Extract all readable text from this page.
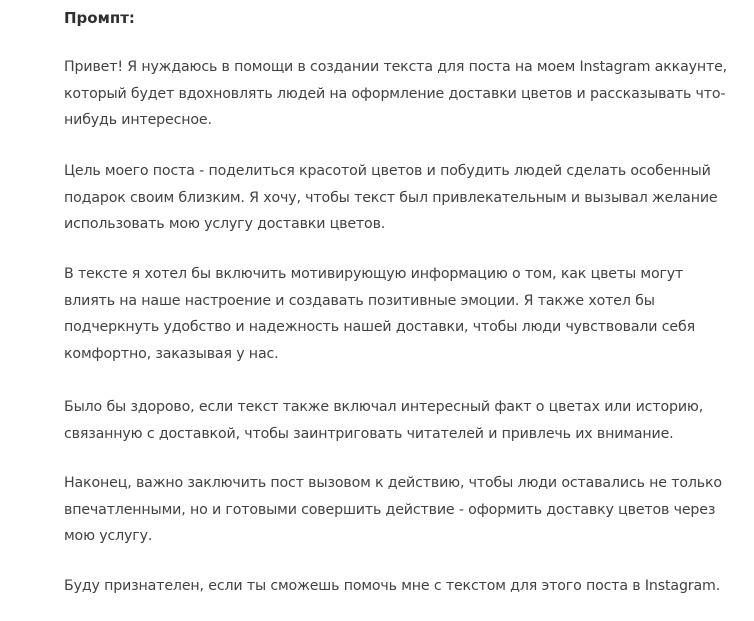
Промпт:

Привет! Я нуждаюсь в помощи в создании текста для поста на моем Instagram аккаунте,
который будет вдохновлять людей на оформление доставки цветов и рассказывать что-
нибудь интересное.

Цель моего поста - поделиться красотой цветов и побудить людей сделать особенный
подарок своим близким. Я хочу, чтобы текст был привлекательным и вызывал желание
использовать мою услугу доставки цветов.

В тексте я хотел бы включить мотивирующую информацию о том, как цветы могут
влиять на наше настроение и создавать позитивные эмоции. Я также хотел бы
подчеркнуть удобство и надежность нашей доставки, чтобы люди чувствовали себя
комфортно, заказывая у нас.

Было бы здорово, если текст также включал интересный факт о цветах или историю,
связанную с доставкой, чтобы заинтриговать читателей и привлечь их внимание.

Наконец, важно заключить пост вызовом к действию, чтобы люди оставались не только
впечатленными, но и готовыми совершить действие - оформить доставку цветов через
мою услугу.

Буду признателен, если ты сможешь помочь мне с текстом для этого поста в Instagram.
